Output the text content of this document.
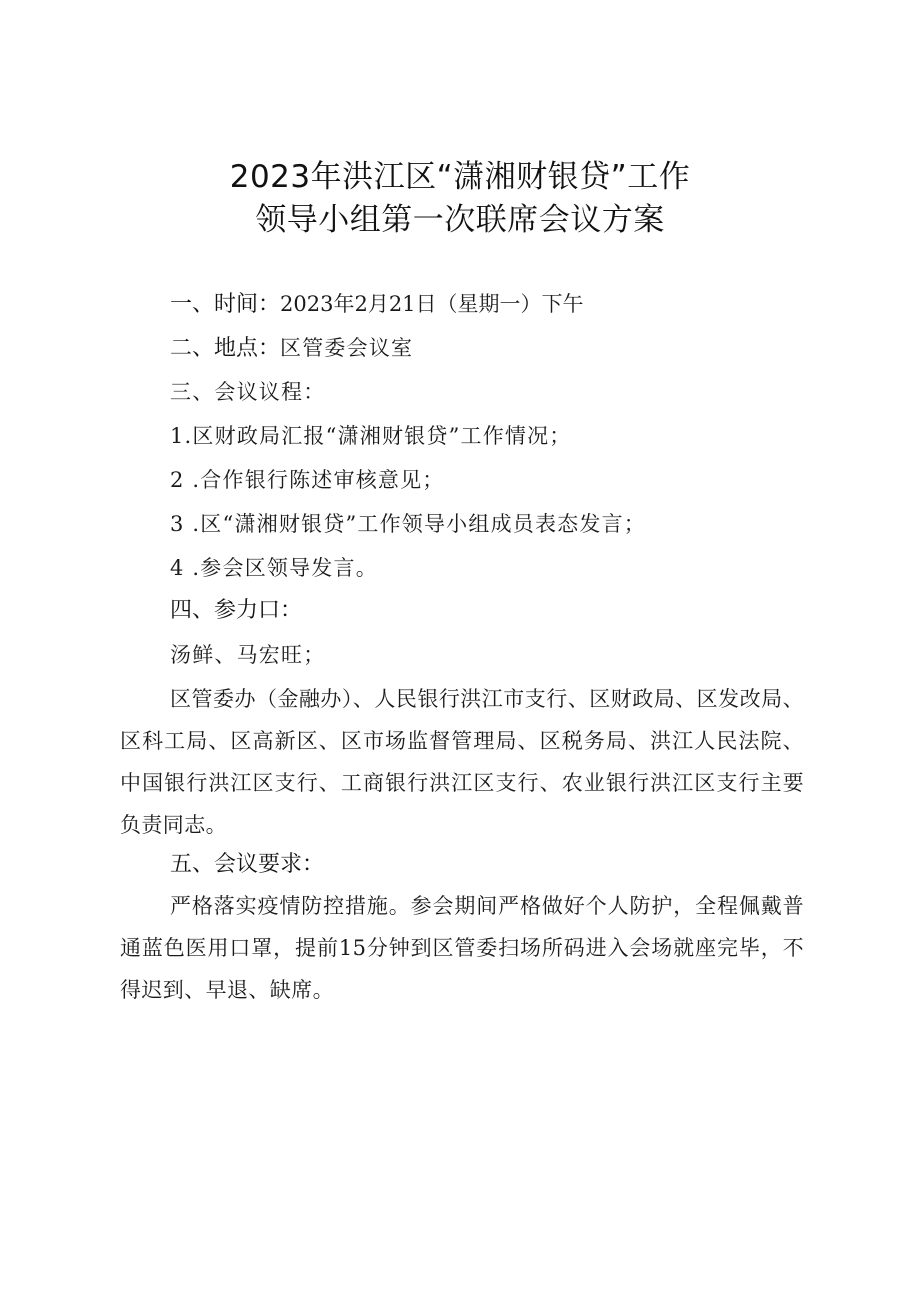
2023年洪江区“潇湘财银贷”工作
领导小组第一次联席会议方案
一、时间：2023年2月21日（星期一）下午
二、地点：区管委会议室
三、会议议程：
1.区财政局汇报“潇湘财银贷”工作情况；
2 .合作银行陈述审核意见；
3 .区“潇湘财银贷”工作领导小组成员表态发言；
4 .参会区领导发言。
四、参力口：
汤鲜、马宏旺；
区管委办（金融办）、人民银行洪江市支行、区财政局、区发改局、区科工局、区高新区、区市场监督管理局、区税务局、洪江人民法院、中国银行洪江区支行、工商银行洪江区支行、农业银行洪江区支行主要负责同志。
五、会议要求：
严格落实疫情防控措施。参会期间严格做好个人防护，全程佩戴普通蓝色医用口罩，提前15分钟到区管委扫场所码进入会场就座完毕，不得迟到、早退、缺席。
